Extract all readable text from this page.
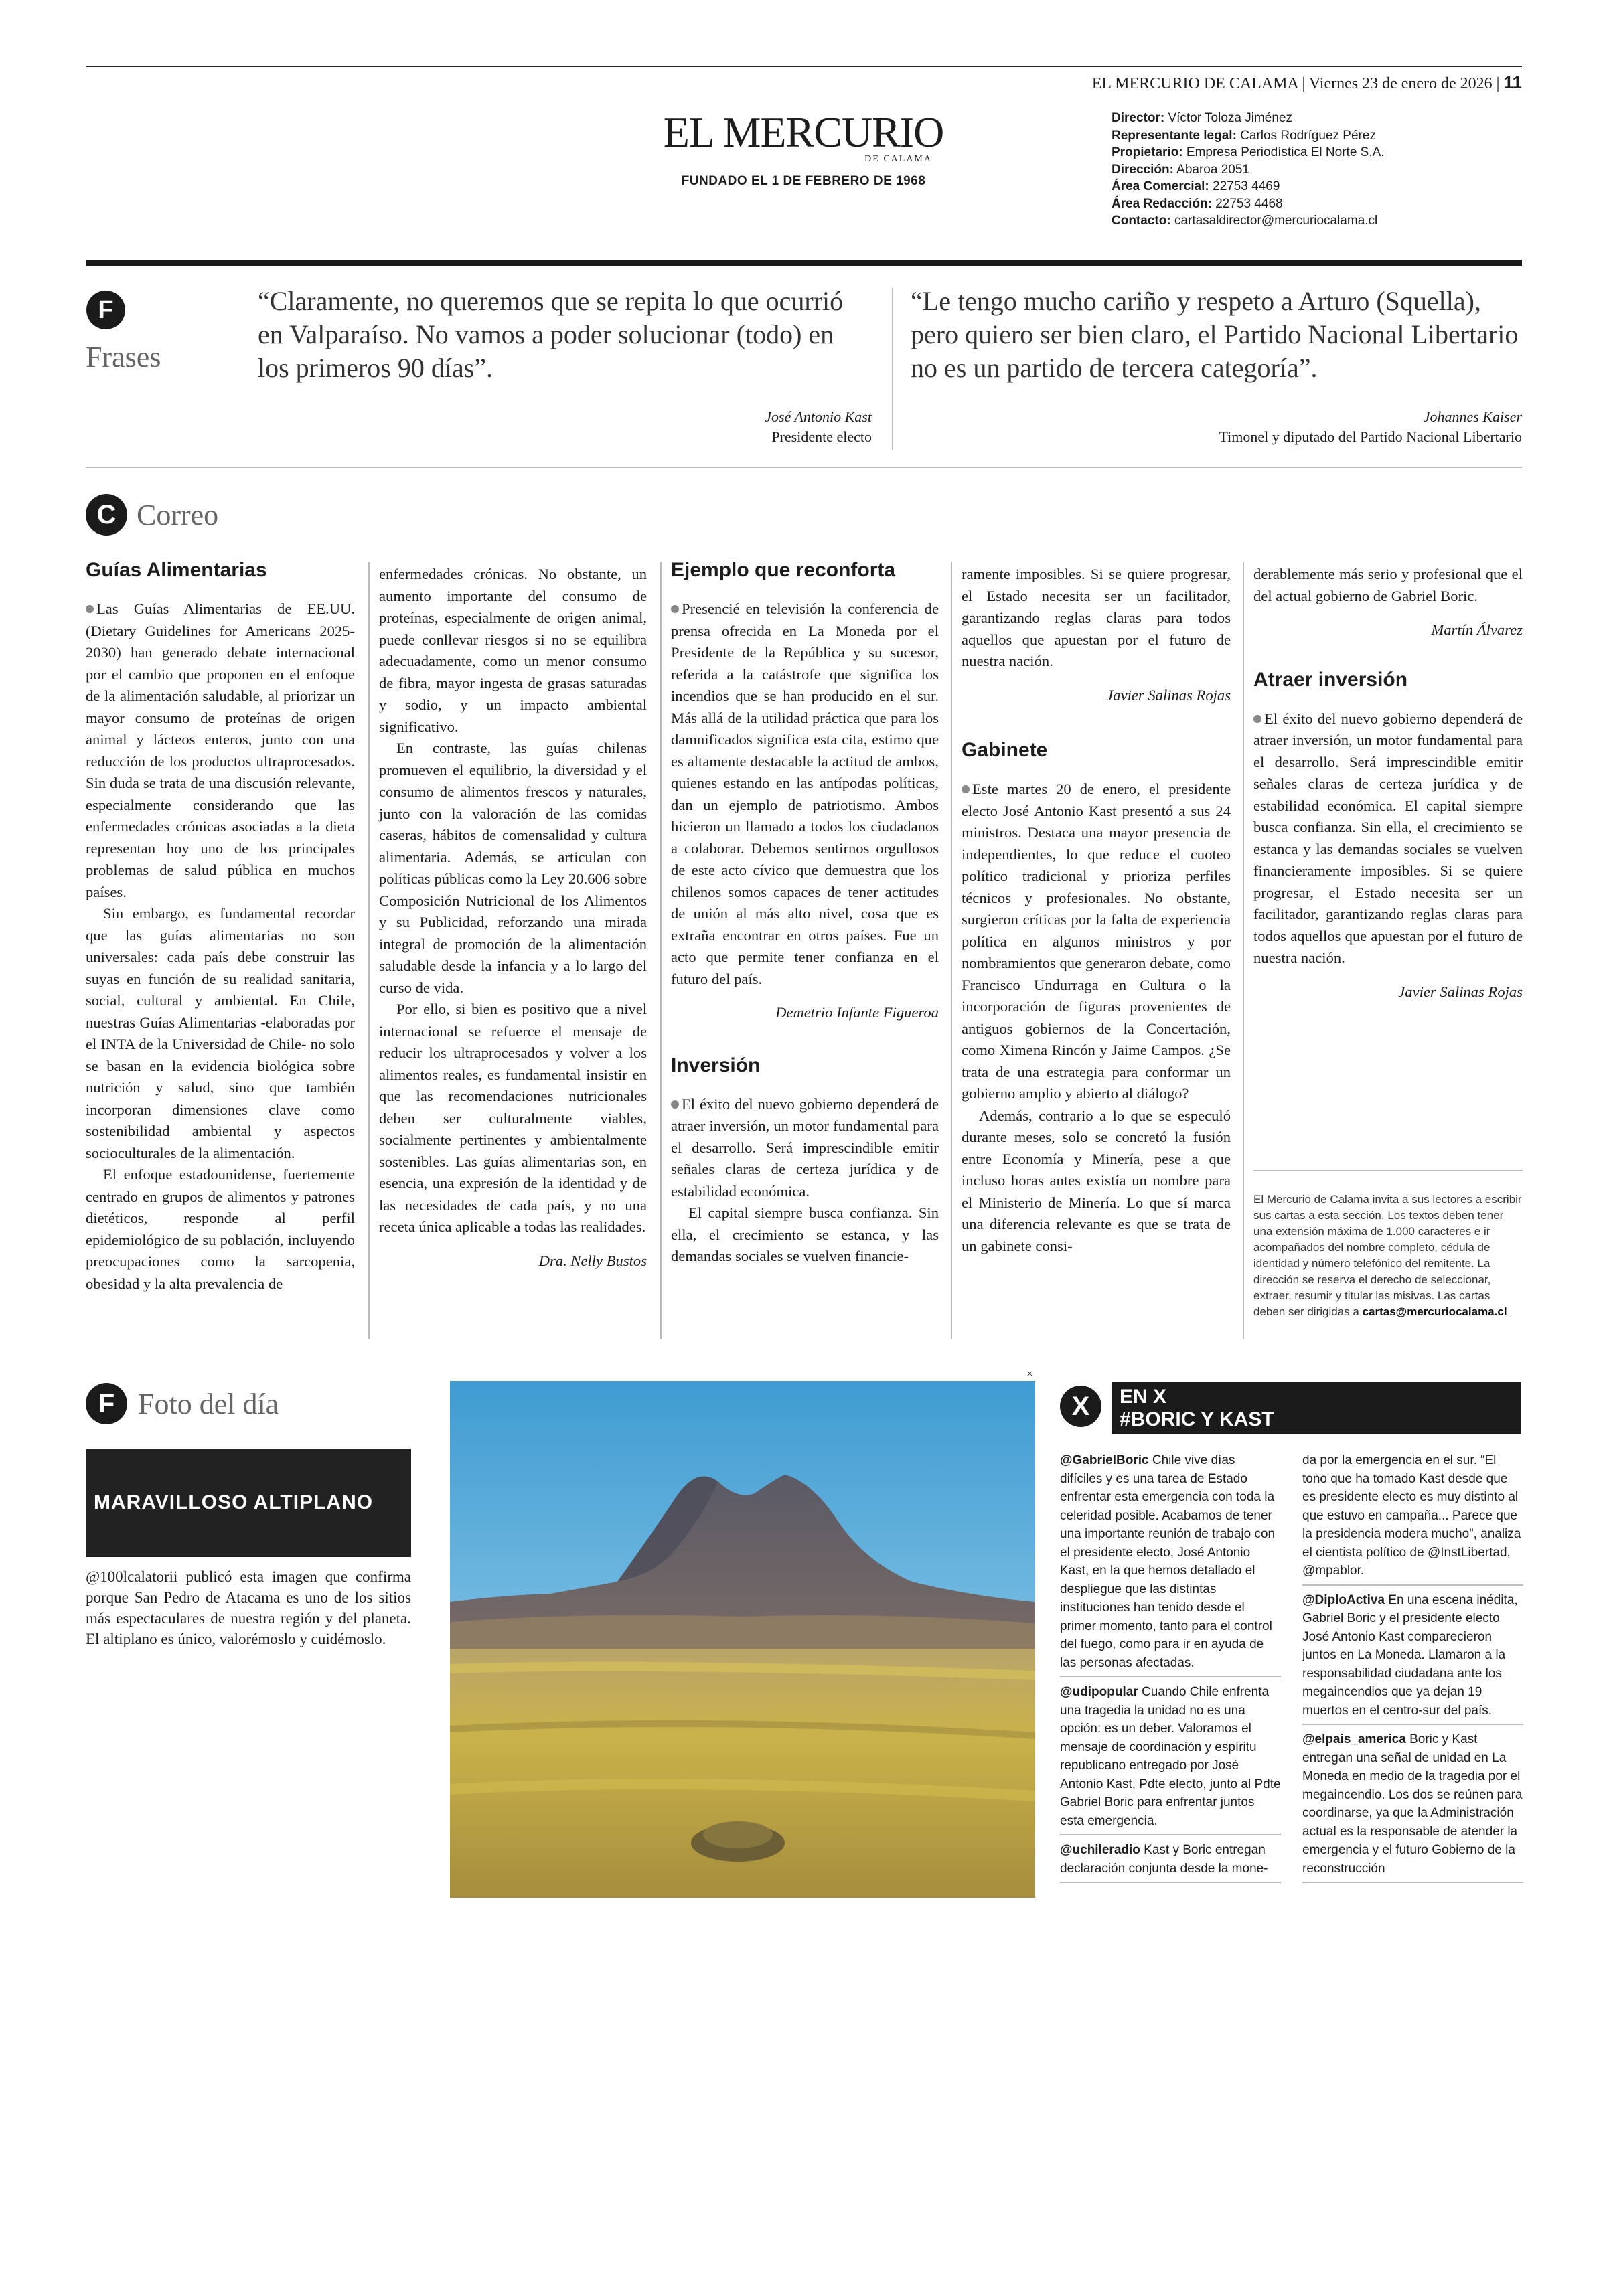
EL MERCURIO DE CALAMA | Viernes 23 de enero de 2026 | 11
EL MERCURIO
DE CALAMA
FUNDADO EL 1 DE FEBRERO DE 1968
Director: Víctor Toloza Jiménez
Representante legal: Carlos Rodríguez Pérez
Propietario: Empresa Periodística El Norte S.A.
Dirección: Abaroa 2051
Área Comercial: 22753 4469
Área Redacción: 22753 4468
Contacto: cartasaldirector@mercuriocalama.cl
F
Frases
“Claramente, no queremos que se repita lo que ocurrió en Valparaíso. No vamos a poder solucionar (todo) en los primeros 90 días”.
José Antonio Kast
Presidente electo
“Le tengo mucho cariño y respeto a Arturo (Squella), pero quiero ser bien claro, el Partido Nacional Libertario no es un partido de tercera categoría”.
Johannes Kaiser
Timonel y diputado del Partido Nacional Libertario
C Correo
Guías Alimentarias

Las Guías Alimentarias de EE.UU. (Dietary Guidelines for Americans 2025-2030) han generado debate internacional por el cambio que proponen en el enfoque de la alimentación saludable, al priorizar un mayor consumo de proteínas de origen animal y lácteos enteros, junto con una reducción de los productos ultraprocesados. Sin duda se trata de una discusión relevante, especialmente considerando que las enfermedades crónicas asociadas a la dieta representan hoy uno de los principales problemas de salud pública en muchos países.

Sin embargo, es fundamental recordar que las guías alimentarias no son universales: cada país debe construir las suyas en función de su realidad sanitaria, social, cultural y ambiental. En Chile, nuestras Guías Alimentarias -elaboradas por el INTA de la Universidad de Chile- no solo se basan en la evidencia biológica sobre nutrición y salud, sino que también incorporan dimensiones clave como sostenibilidad ambiental y aspectos socioculturales de la alimentación.

El enfoque estadounidense, fuertemente centrado en grupos de alimentos y patrones dietéticos, responde al perfil epidemiológico de su población, incluyendo preocupaciones como la sarcopenia, obesidad y la alta prevalencia de

enfermedades crónicas. No obstante, un aumento importante del consumo de proteínas, especialmente de origen animal, puede conllevar riesgos si no se equilibra adecuadamente, como un menor consumo de fibra, mayor ingesta de grasas saturadas y sodio, y un impacto ambiental significativo.

En contraste, las guías chilenas promueven el equilibrio, la diversidad y el consumo de alimentos frescos y naturales, junto con la valoración de las comidas caseras, hábitos de comensalidad y cultura alimentaria. Además, se articulan con políticas públicas como la Ley 20.606 sobre Composición Nutricional de los Alimentos y su Publicidad, reforzando una mirada integral de promoción de la alimentación saludable desde la infancia y a lo largo del curso de vida.

Por ello, si bien es positivo que a nivel internacional se refuerce el mensaje de reducir los ultraprocesados y volver a los alimentos reales, es fundamental insistir en que las recomendaciones nutricionales deben ser culturalmente viables, socialmente pertinentes y ambientalmente sostenibles. Las guías alimentarias son, en esencia, una expresión de la identidad y de las necesidades de cada país, y no una receta única aplicable a todas las realidades.

Dra. Nelly Bustos

Ejemplo que reconforta

Presencié en televisión la conferencia de prensa ofrecida en La Moneda por el Presidente de la República y su sucesor, referida a la catástrofe que significa los incendios que se han producido en el sur. Más allá de la utilidad práctica que para los damnificados significa esta cita, estimo que es altamente destacable la actitud de ambos, quienes estando en las antípodas políticas, dan un ejemplo de patriotismo. Ambos hicieron un llamado a todos los ciudadanos a colaborar. Debemos sentirnos orgullosos de este acto cívico que demuestra que los chilenos somos capaces de tener actitudes de unión al más alto nivel, cosa que es extraña encontrar en otros países. Fue un acto que permite tener confianza en el futuro del país.

Demetrio Infante Figueroa

Inversión

El éxito del nuevo gobierno dependerá de atraer inversión, un motor fundamental para el desarrollo. Será imprescindible emitir señales claras de certeza jurídica y de estabilidad económica.

El capital siempre busca confianza. Sin ella, el crecimiento se estanca, y las demandas sociales se vuelven financie-

ramente imposibles. Si se quiere progresar, el Estado necesita ser un facilitador, garantizando reglas claras para todos aquellos que apuestan por el futuro de nuestra nación.

Javier Salinas Rojas

Gabinete

Este martes 20 de enero, el presidente electo José Antonio Kast presentó a sus 24 ministros. Destaca una mayor presencia de independientes, lo que reduce el cuoteo político tradicional y prioriza perfiles técnicos y profesionales. No obstante, surgieron críticas por la falta de experiencia política en algunos ministros y por nombramientos que generaron debate, como Francisco Undurraga en Cultura o la incorporación de figuras provenientes de antiguos gobiernos de la Concertación, como Ximena Rincón y Jaime Campos. ¿Se trata de una estrategia para conformar un gobierno amplio y abierto al diálogo?

Además, contrario a lo que se especuló durante meses, solo se concretó la fusión entre Economía y Minería, pese a que incluso horas antes existía un nombre para el Ministerio de Minería. Lo que sí marca una diferencia relevante es que se trata de un gabinete consi-

derablemente más serio y profesional que el del actual gobierno de Gabriel Boric.

Martín Álvarez

Atraer inversión

El éxito del nuevo gobierno dependerá de atraer inversión, un motor fundamental para el desarrollo. Será imprescindible emitir señales claras de certeza jurídica y de estabilidad económica. El capital siempre busca confianza. Sin ella, el crecimiento se estanca y las demandas sociales se vuelven financieramente imposibles. Si se quiere progresar, el Estado necesita ser un facilitador, garantizando reglas claras para todos aquellos que apuestan por el futuro de nuestra nación.

Javier Salinas Rojas

El Mercurio de Calama invita a sus lectores a escribir sus cartas a esta sección. Los textos deben tener una extensión máxima de 1.000 caracteres e ir acompañados del nombre completo, cédula de identidad y número telefónico del remitente. La dirección se reserva el derecho de seleccionar, extraer, resumir y titular las misivas. Las cartas deben ser dirigidas a cartas@mercuriocalama.cl
F Foto del día
MARAVILLOSO ALTIPLANO
@100lcalatorii publicó esta imagen que confirma porque San Pedro de Atacama es uno de los sitios más espectaculares de nuestra región y del planeta. El altiplano es único, valorémoslo y cuidémoslo.
×
X	EN X
#BORIC Y KAST
@GabrielBoric Chile vive días difíciles y es una tarea de Estado enfrentar esta emergencia con toda la celeridad posible. Acabamos de tener una importante reunión de trabajo con el presidente electo, José Antonio Kast, en la que hemos detallado el despliegue que las distintas instituciones han tenido desde el primer momento, tanto para el control del fuego, como para ir en ayuda de las personas afectadas.
@udipopular Cuando Chile enfrenta una tragedia la unidad no es una opción: es un deber. Valoramos el mensaje de coordinación y espíritu republicano entregado por José Antonio Kast, Pdte electo, junto al Pdte Gabriel Boric para enfrentar juntos esta emergencia.
@uchileradio Kast y Boric entregan declaración conjunta desde la mone-
da por la emergencia en el sur. “El tono que ha tomado Kast desde que es presidente electo es muy distinto al que estuvo en campaña... Parece que la presidencia modera mucho”, analiza el cientista político de @InstLibertad, @mpablor.
@DiploActiva En una escena inédita, Gabriel Boric y el presidente electo José Antonio Kast comparecieron juntos en La Moneda. Llamaron a la responsabilidad ciudadana ante los megaincendios que ya dejan 19 muertos en el centro-sur del país.
@elpais_america Boric y Kast entregan una señal de unidad en La Moneda en medio de la tragedia por el megaincendio. Los dos se reúnen para coordinarse, ya que la Administración actual es la responsable de atender la emergencia y el futuro Gobierno de la reconstrucción
